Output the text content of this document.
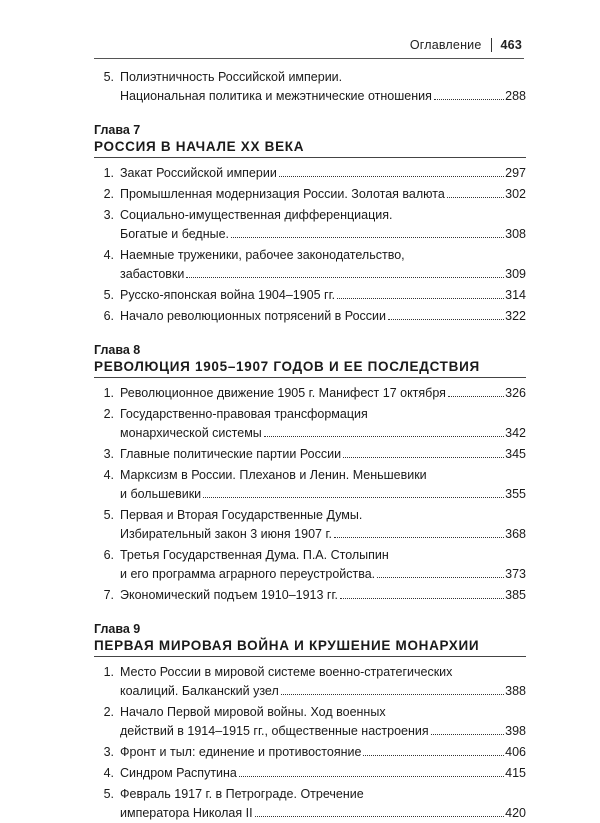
Оглавление 463
5. Полиэтничность Российской империи.
Национальная политика и межэтнические отношения	288
Глава 7
РОССИЯ В НАЧАЛЕ XX ВЕКА
1. Закат Российской империи	297
2. Промышленная модернизация России. Золотая валюта	302
3. Социально-имущественная дифференциация.
Богатые и бедные.	308
4. Наемные труженики, рабочее законодательство,
забастовки	309
5. Русско-японская война 1904–1905 гг.	314
6. Начало революционных потрясений в России	322
Глава 8
РЕВОЛЮЦИЯ 1905–1907 ГОДОВ И ЕЕ ПОСЛЕДСТВИЯ
1. Революционное движение 1905 г. Манифест 17 октября	326
2. Государственно-правовая трансформация
монархической системы	342
3. Главные политические партии России	345
4. Марксизм в России. Плеханов и Ленин. Меньшевики
и большевики	355
5. Первая и Вторая Государственные Думы.
Избирательный закон 3 июня 1907 г.	368
6. Третья Государственная Дума. П.А. Столыпин
и его программа аграрного переустройства.	373
7. Экономический подъем 1910–1913 гг.	385
Глава 9
ПЕРВАЯ МИРОВАЯ ВОЙНА И КРУШЕНИЕ МОНАРХИИ
1. Место России в мировой системе военно-стратегических
коалиций. Балканский узел	388
2. Начало Первой мировой войны. Ход военных
действий в 1914–1915 гг., общественные настроения	398
3. Фронт и тыл: единение и противостояние	406
4. Синдром Распутина	415
5. Февраль 1917 г. в Петрограде. Отречение
императора Николая II	420
